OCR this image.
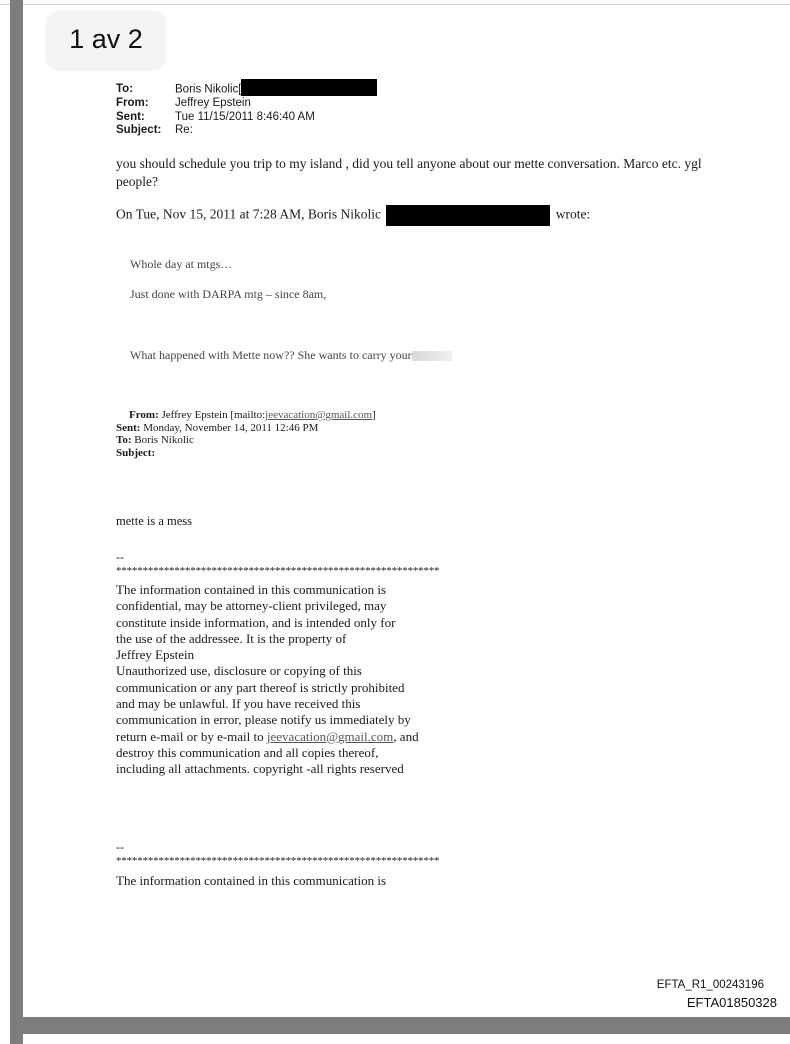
1 av 2
To:	Boris Nikolic[
From:	Jeffrey Epstein
Sent:	Tue 11/15/2011 8:46:40 AM
Subject:	Re:
you should schedule you trip to my island , did you tell anyone about our mette conversation. Marco etc. ygl people?
On Tue, Nov 15, 2011 at 7:28 AM, Boris Nikolic	wrote:
Whole day at mtgs…
Just done with DARPA mtg – since 8am,
What happened with Mette now?? She wants to carry your
From: Jeffrey Epstein [mailto:jeevacation@gmail.com]
Sent: Monday, November 14, 2011 12:46 PM
To: Boris Nikolic
Subject:
mette is a mess
--
*************************************************************
The information contained in this communication is
confidential, may be attorney-client privileged, may
constitute inside information, and is intended only for
the use of the addressee. It is the property of
Jeffrey Epstein
Unauthorized use, disclosure or copying of this
communication or any part thereof is strictly prohibited
and may be unlawful. If you have received this
communication in error, please notify us immediately by
return e-mail or by e-mail to jeevacation@gmail.com, and
destroy this communication and all copies thereof,
including all attachments. copyright -all rights reserved
--
*************************************************************
The information contained in this communication is
EFTA_R1_00243196
EFTA01850328
